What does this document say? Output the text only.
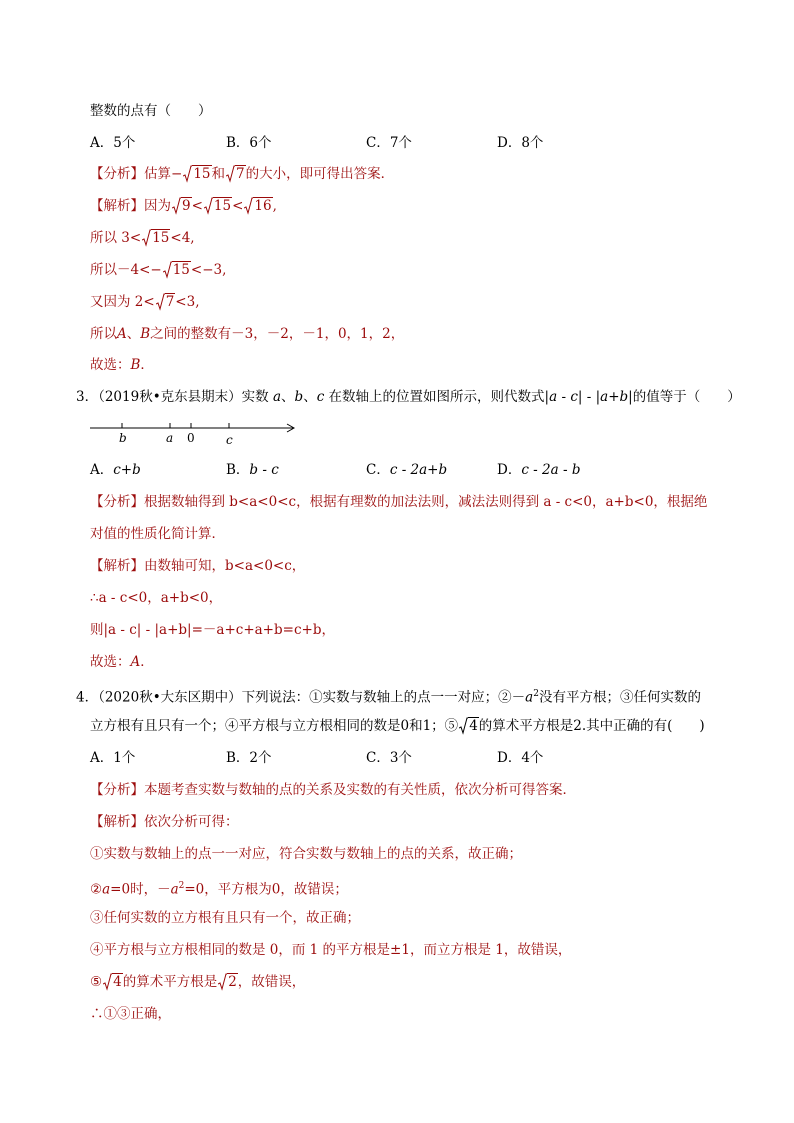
整数的点有（　　）
A．5个	B．6个	C．7个	D．8个
【分析】估算− 15和 7的大小，即可得出答案．
【解析】因为 9< 15< 16,
所以 3< 15<4,
所以－4<− 15<−3,
又因为 2< 7<3,
所以A、B之间的整数有－3，－2，－1，0，1，2，
故选：B．
3．（2019秋•克东县期末）实数 a、b、c 在数轴上的位置如图所示，则代数式|a - c| - |a+b|的值等于（　　）
b	a 0	c
A．c+b	B．b - c	C．c - 2a+b	D．c - 2a - b
【分析】根据数轴得到 b<a<0<c，根据有理数的加法法则，减法法则得到 a - c<0，a+b<0，根据绝
对值的性质化简计算．
【解析】由数轴可知，b<a<0<c，
∴a - c<0，a+b<0，
则|a - c| - |a+b|=－a+c+a+b=c+b，
故选：A．
4．（2020秋•大东区期中）下列说法：①实数与数轴上的点一一对应；$②-a^2$没有平方根；③任何实数的
立方根有且只有一个；④平方根与立方根相同的数是0和1；⑤ 4的算术平方根是2.其中正确的有(　　)
A．1个	B．2个	C．3个	D．4个
【分析】本题考查实数与数轴的点的关系及实数的有关性质，依次分析可得答案．
【解析】依次分析可得：
①实数与数轴上的点一一对应，符合实数与数轴上的点的关系，故正确；
②a=0时，$-a^2=0$，平方根为0，故错误；
③任何实数的立方根有且只有一个，故正确；
④平方根与立方根相同的数是 0，而 1 的平方根是±1，而立方根是 1，故错误，
⑤ 4的算术平方根是 2，故错误，
∴①③正确，
